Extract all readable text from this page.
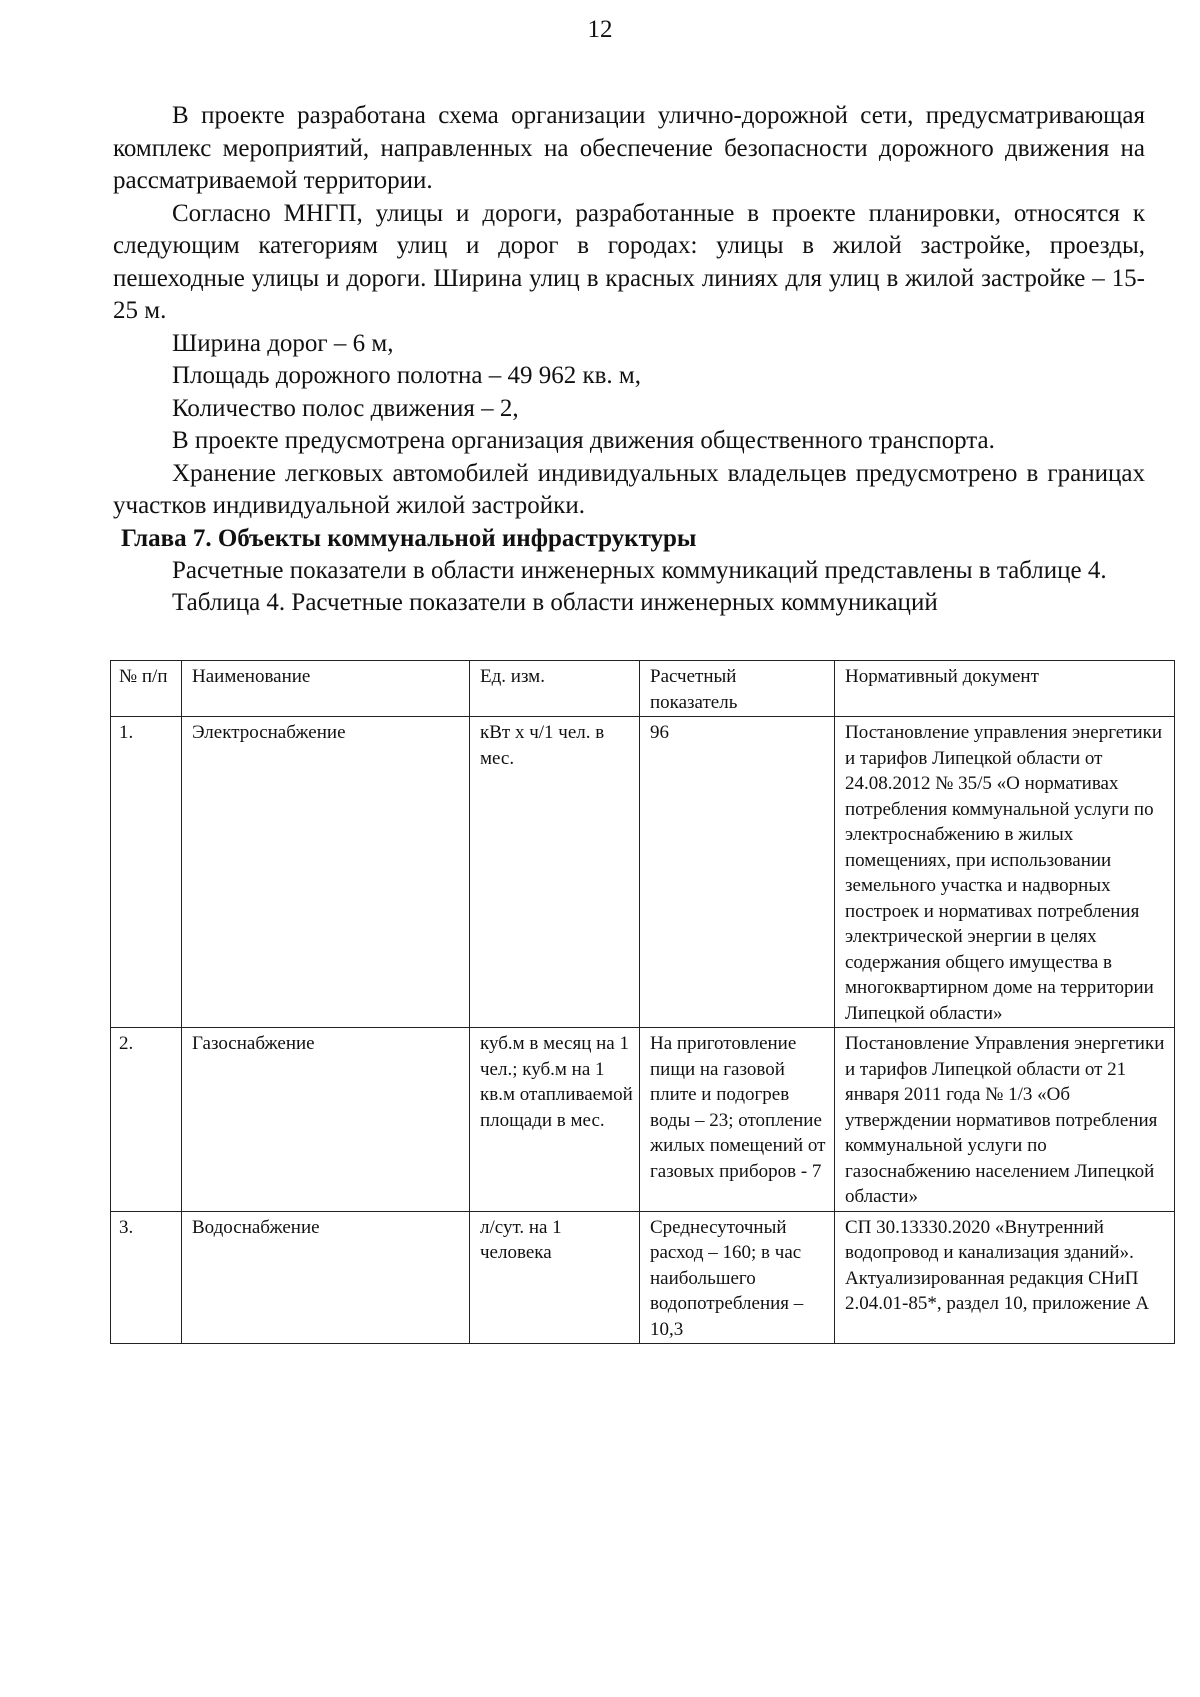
12

В проекте разработана схема организации улично-дорожной сети, предусматривающая комплекс мероприятий, направленных на обеспечение безопасности дорожного движения на рассматриваемой территории.

Согласно МНГП, улицы и дороги, разработанные в проекте планировки, относятся к следующим категориям улиц и дорог в городах: улицы в жилой застройке, проезды, пешеходные улицы и дороги. Ширина улиц в красных линиях для улиц в жилой застройке – 15-25 м.

Ширина дорог – 6 м,

Площадь дорожного полотна – 49 962 кв. м,

Количество полос движения – 2,

В проекте предусмотрена организация движения общественного транспорта.

Хранение легковых автомобилей индивидуальных владельцев предусмотрено в границах участков индивидуальной жилой застройки.

Глава 7. Объекты коммунальной инфраструктуры

Расчетные показатели в области инженерных коммуникаций представлены в таблице 4.

Таблица 4. Расчетные показатели в области инженерных коммуникаций

№ п/п	Наименование	Ед. изм.	Расчетный показатель	Нормативный документ
1.	Электроснабжение	кВт х ч/1 чел. в мес.	96	Постановление управления энергетики и тарифов Липецкой области от 24.08.2012 № 35/5 «О нормативах потребления коммунальной услуги по электроснабжению в жилых помещениях, при использовании земельного участка и надворных построек и нормативах потребления электрической энергии в целях содержания общего имущества в многоквартирном доме на территории Липецкой области»
2.	Газоснабжение	куб.м в месяц на 1 чел.; куб.м на 1 кв.м отапливаемой площади в мес.	На приготовление пищи на газовой плите и подогрев воды – 23; отопление жилых помещений от газовых приборов - 7	Постановление Управления энергетики и тарифов Липецкой области от 21 января 2011 года № 1/3 «Об утверждении нормативов потребления коммунальной услуги по газоснабжению населением Липецкой области»
3.	Водоснабжение	л/сут. на 1 человека	Среднесуточный расход – 160; в час наибольшего водопотребления – 10,3	СП 30.13330.2020 «Внутренний водопровод и канализация зданий». Актуализированная редакция СНиП 2.04.01-85*, раздел 10, приложение А
